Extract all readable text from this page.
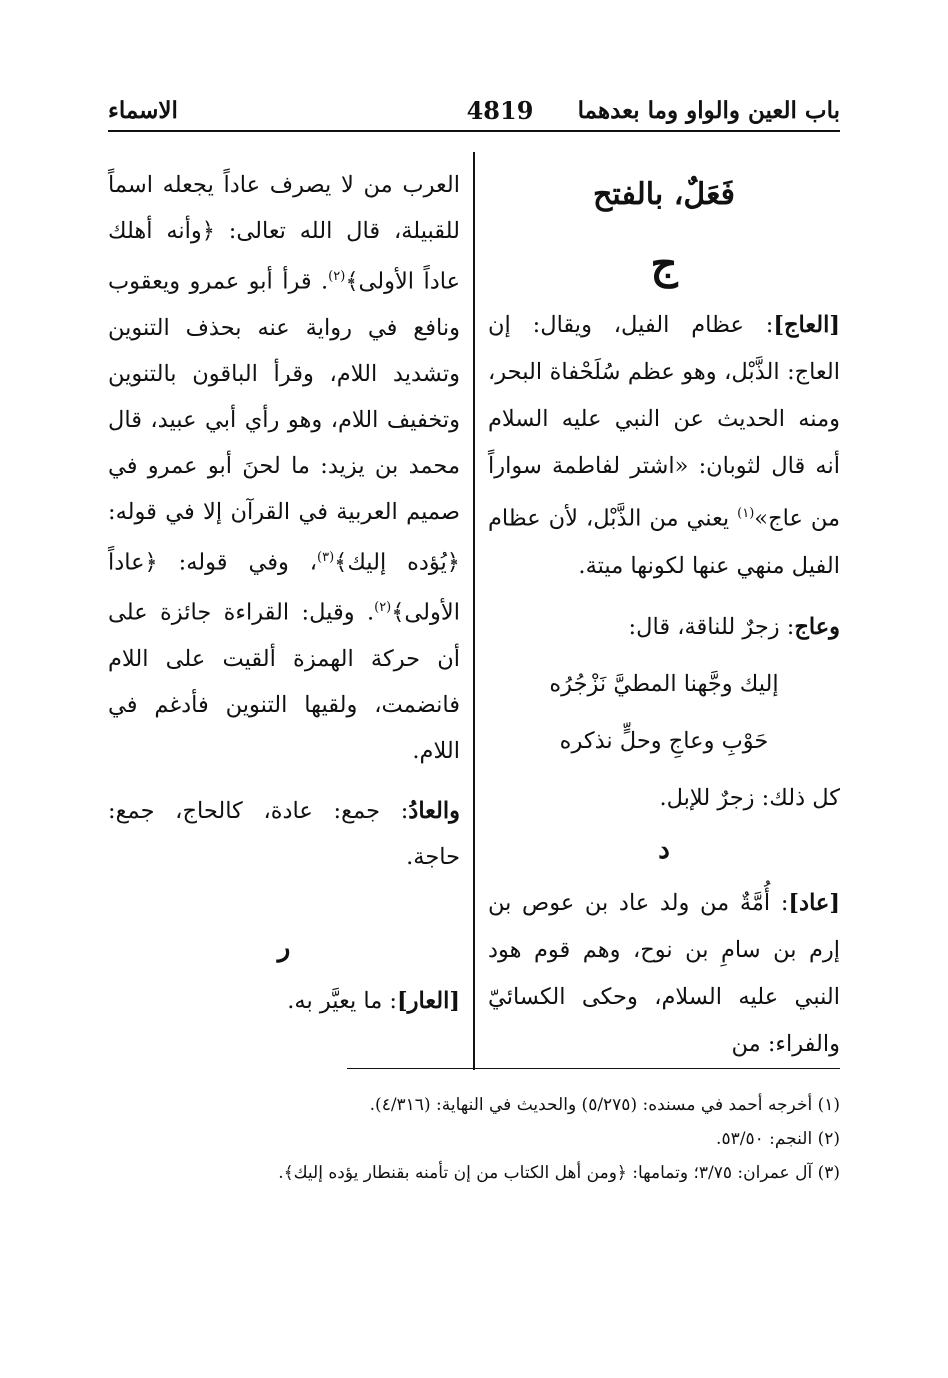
باب العين والواو وما بعدهما
4819
الاسماء

فَعَلٌ، بالفتح

ج

[العاج]: عظام الفيل، ويقال: إن العاج: الذَّبْل، وهو عظم سُلَحْفاة البحر، ومنه الحديث عن النبي عليه السلام أنه قال لثوبان: «اشتر لفاطمة سواراً من عاج»$^{(١)}$ يعني من الذَّبْل، لأن عظام الفيل منهي عنها لكونها ميتة.

وعاج: زجرٌ للناقة، قال:

إليك وجَّهنا المطيَّ نَزْجُرُه

حَوْبِ وعاجِ وحلٍّ نذكره

كل ذلك: زجرٌ للإبل.

د

[عاد]: أُمَّةٌ من ولد عاد بن عوص بن إرم بن سامِ بن نوح، وهم قوم هود النبي عليه السلام، وحكى الكسائيّ والفراء: من

العرب من لا يصرف عاداً يجعله اسماً للقبيلة، قال الله تعالى: ﴿وأنه أهلك عاداً الأولى﴾$^{(٢)}$. قرأ أبو عمرو ويعقوب ونافع في رواية عنه بحذف التنوين وتشديد اللام، وقرأ الباقون بالتنوين وتخفيف اللام، وهو رأي أبي عبيد، قال محمد بن يزيد: ما لحنَ أبو عمرو في صميم العربية في القرآن إلا في قوله: ﴿يُؤده إليك﴾$^{(٣)}$، وفي قوله: ﴿عاداً الأولى﴾$^{(٢)}$. وقيل: القراءة جائزة على أن حركة الهمزة ألقيت على اللام فانضمت، ولقيها التنوين فأدغم في اللام.

والعادُ: جمع: عادة، كالحاج، جمع: حاجة.

ر

[العار]: ما يعيَّر به.

(١) أخرجه أحمد في مسنده: (٥/٢٧٥) والحديث في النهاية: (٤/٣١٦).
(٢) النجم: ٥٣/٥٠.
(٣) آل عمران: ٣/٧٥؛ وتمامها: ﴿ومن أهل الكتاب من إن تأمنه بقنطار يؤده إليك﴾.
